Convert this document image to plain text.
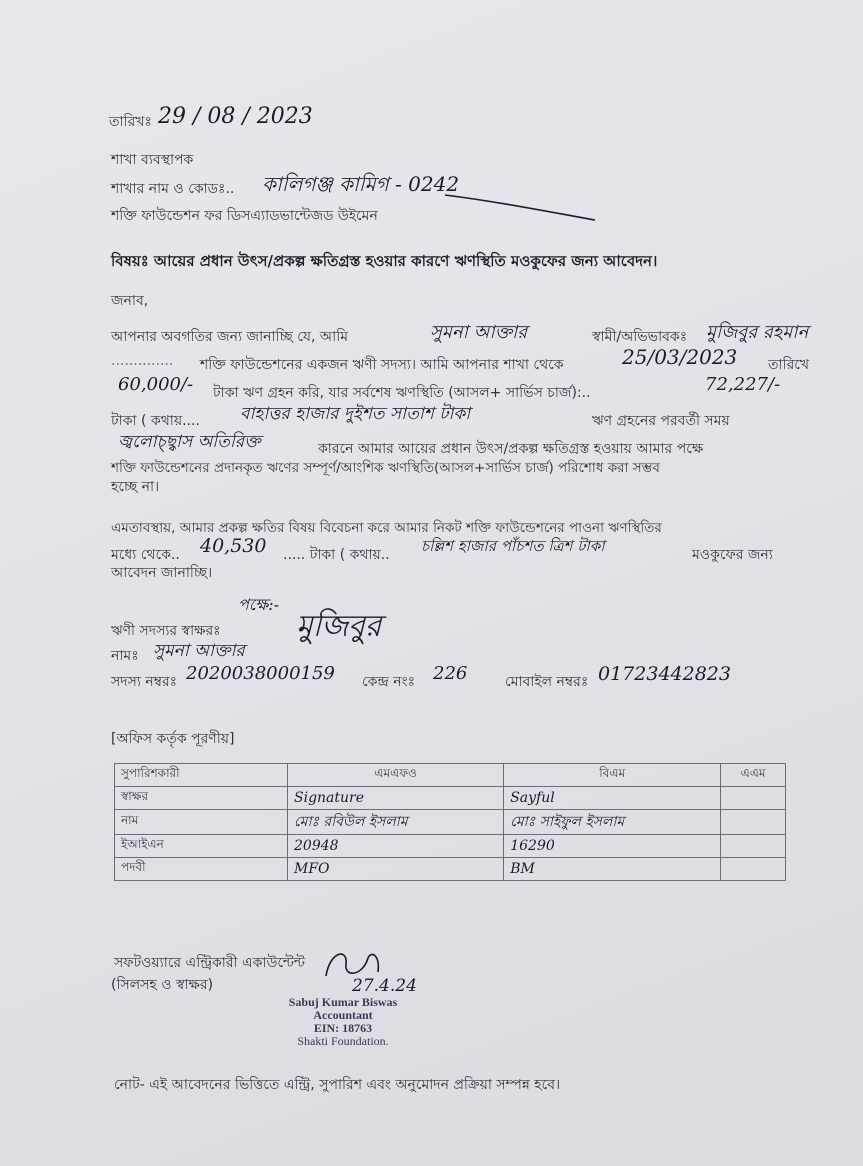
তারিখঃ 29 / 08 / 2023
শাখা ব্যবস্থাপক
শাখার নাম ও কোডঃ.. কালিগঞ্জ কামিগ - 0242
শক্তি ফাউন্ডেশন ফর ডিসএ্যাডভান্টেজড উইমেন
বিষয়ঃ আয়ের প্রধান উৎস/প্রকল্প ক্ষতিগ্রস্ত হওয়ার কারণে ঋণস্থিতি মওকুফের জন্য আবেদন।
জনাব,
আপনার অবগতির জন্য জানাচ্ছি যে, আমি	সুমনা আক্তার	স্বামী/অভিভাবকঃ মুজিবুর রহমান
.............. শক্তি ফাউন্ডেশনের একজন ঋণী সদস্য। আমি আপনার শাখা থেকে	25/03/2023 তারিখে
60,000/- টাকা ঋণ গ্রহন করি, যার সর্বশেষ ঋণস্থিতি (আসল+ সার্ভিস চার্জ):..	72,227/-
টাকা ( কথায়.... বাহাত্তর হাজার দুইশত সাতাশ টাকা	ঋণ গ্রহনের পরবর্তী সময়
জ্বলোচ্ছ্বাস অতিরিক্ত	কারনে আমার আয়ের প্রধান উৎস/প্রকল্প ক্ষতিগ্রস্ত হওয়ায় আমার পক্ষে
শক্তি ফাউন্ডেশনের প্রদানকৃত ঋণের সম্পূর্ণ/আংশিক ঋণস্থিতি(আসল+সার্ভিস চার্জ) পরিশোধ করা সম্ভব
হচ্ছে না।
এমতাবস্থায়, আমার প্রকল্প ক্ষতির বিষয় বিবেচনা করে আমার নিকট শক্তি ফাউন্ডেশনের পাওনা ঋণস্থিতির
মধ্যে থেকে.. 40,530 ..... টাকা ( কথায়.. চল্লিশ হাজার পাঁচশত ত্রিশ টাকা	মওকুফের জন্য
আবেদন জানাচ্ছি।
পক্ষে:-
ঋণী সদস্যর স্বাক্ষরঃ	মুজিবুর
নামঃ সুমনা আক্তার
সদস্য নম্বরঃ 2020038000159 কেন্দ্র নংঃ 226	মোবাইল নম্বরঃ 01723442823
[অফিস কর্তৃক পূরণীয়]
সুপারিশকারী	এমএফও	বিএম	এএম
স্বাক্ষর	Signature	Sayful	
নাম	মোঃ রবিউল ইসলাম	মোঃ সাইফুল ইসলাম	
ইআইএন	20948	16290	
পদবী	MFO	BM	
সফটওয়্যারে এন্ট্রিকারী একাউন্টেন্ট
(সিলসহ ও স্বাক্ষর)	27.4.24
Sabuj Kumar Biswas
Accountant
EIN: 18763
Shakti Foundation.
নোট- এই আবেদনের ভিত্তিতে এন্ট্রি, সুপারিশ এবং অনুমোদন প্রক্রিয়া সম্পন্ন হবে।
